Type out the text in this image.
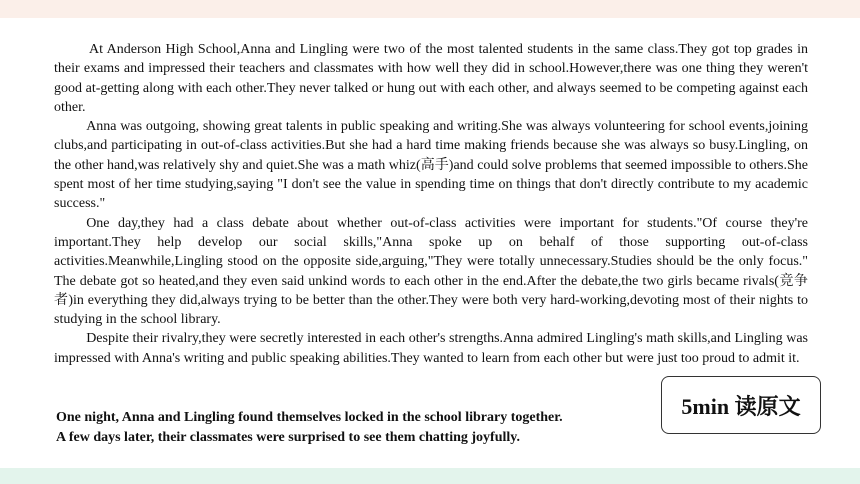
At Anderson High School,Anna and Lingling were two of the most talented students in the same class.They got top grades in their exams and impressed their teachers and classmates with how well they did in school.However,there was one thing they weren't good at-getting along with each other.They never talked or hung out with each other, and always seemed to be competing against each other.

Anna was outgoing, showing great talents in public speaking and writing.She was always volunteering for school events,joining clubs,and participating in out-of-class activities.But she had a hard time making friends because she was always so busy.Lingling, on the other hand,was relatively shy and quiet.She was a math whiz(高手)and could solve problems that seemed impossible to others.She spent most of her time studying,saying "I don't see the value in spending time on things that don't directly contribute to my academic success."

One day,they had a class debate about whether out-of-class activities were important for students."Of course they're important.They help develop our social skills,"Anna spoke up on behalf of those supporting out-of-class activities.Meanwhile,Lingling stood on the opposite side,arguing,"They were totally unnecessary.Studies should be the only focus." The debate got so heated,and they even said unkind words to each other in the end.After the debate,the two girls became rivals(竞争者)in everything they did,always trying to be better than the other.They were both very hard-working,devoting most of their nights to studying in the school library.

Despite their rivalry,they were secretly interested in each other's strengths.Anna admired Lingling's math skills,and Lingling was impressed with Anna's writing and public speaking abilities.They wanted to learn from each other but were just too proud to admit it.

One night, Anna and Lingling found themselves locked in the school library together.

A few days later, their classmates were surprised to see them chatting joyfully.

5min 读原文
